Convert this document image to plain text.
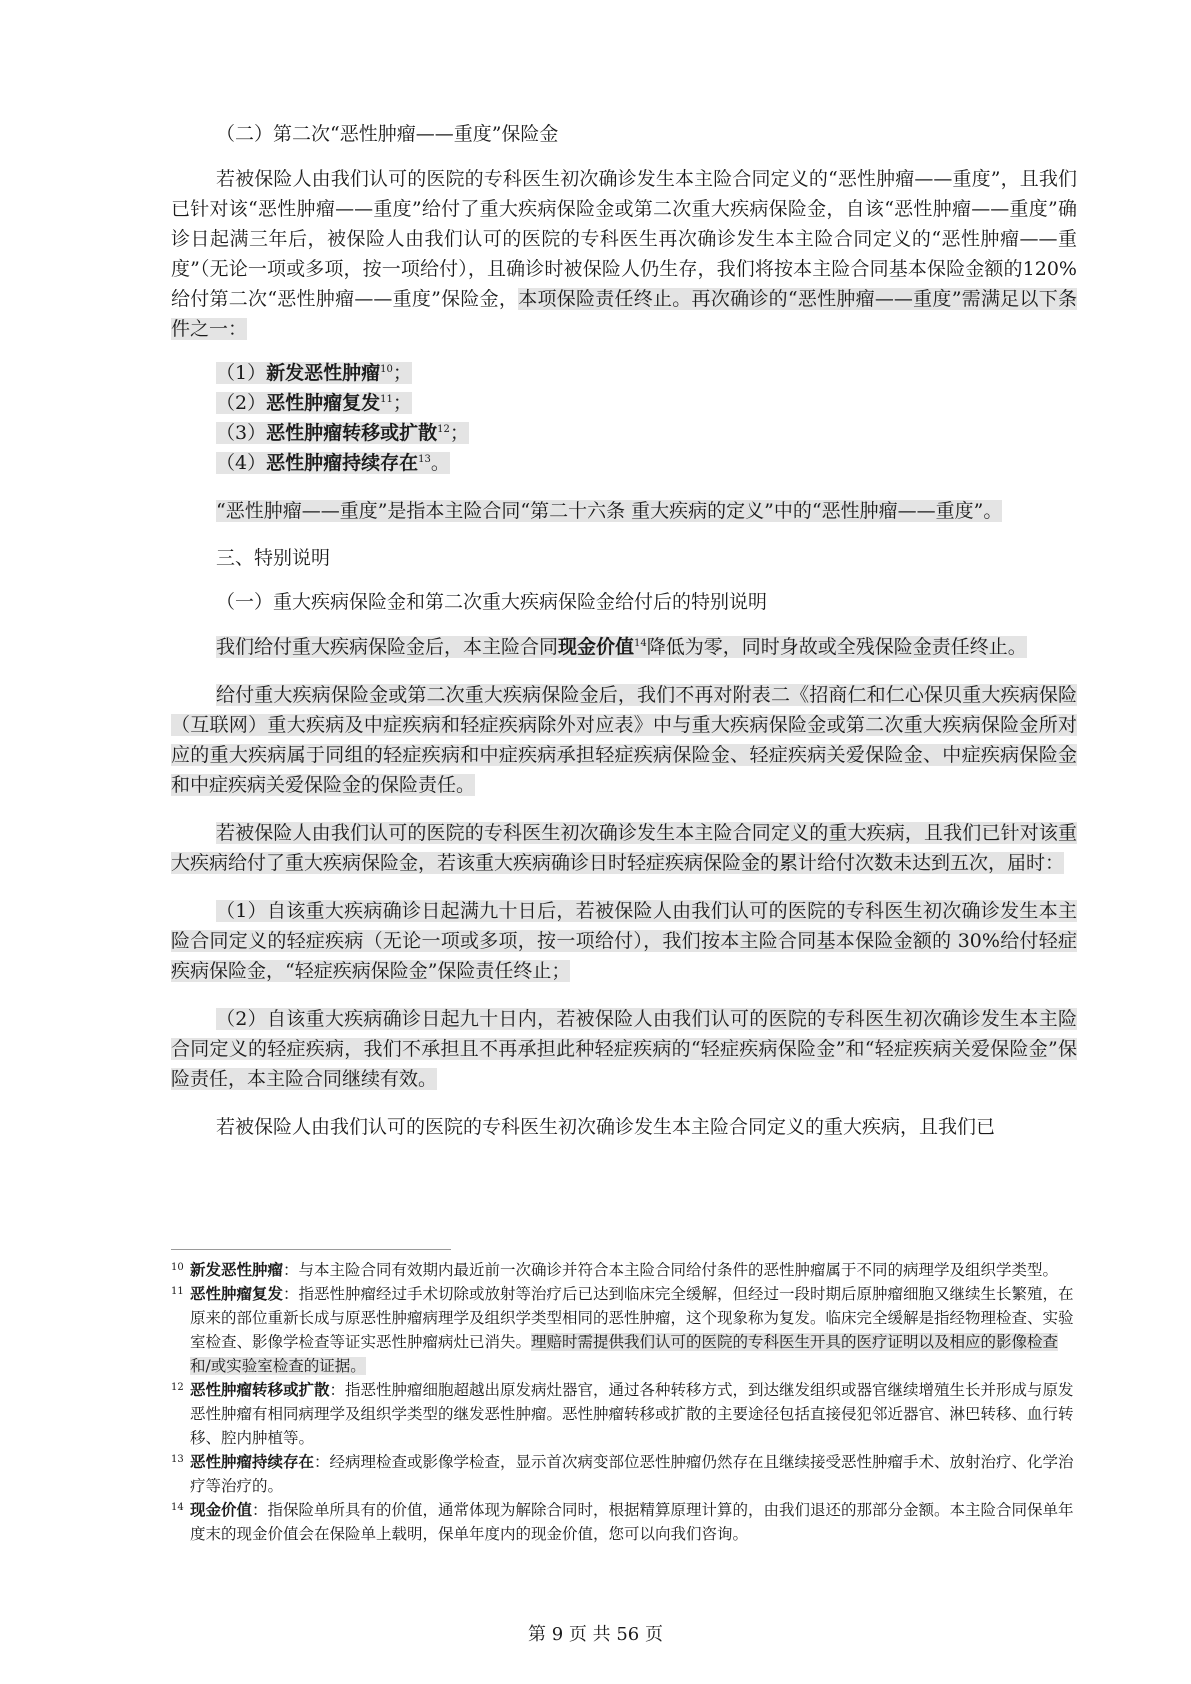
（二）第二次“恶性肿瘤——重度”保险金

若被保险人由我们认可的医院的专科医生初次确诊发生本主险合同定义的“恶性肿瘤——重度”，且我们已针对该“恶性肿瘤——重度”给付了重大疾病保险金或第二次重大疾病保险金，自该“恶性肿瘤——重度”确诊日起满三年后，被保险人由我们认可的医院的专科医生再次确诊发生本主险合同定义的“恶性肿瘤——重度”（无论一项或多项，按一项给付），且确诊时被保险人仍生存，我们将按本主险合同基本保险金额的120%给付第二次“恶性肿瘤——重度”保险金，本项保险责任终止。再次确诊的“恶性肿瘤——重度”需满足以下条件之一：

（1）新发恶性肿瘤$^{10}$；
（2）恶性肿瘤复发$^{11}$；
（3）恶性肿瘤转移或扩散$^{12}$；
（4）恶性肿瘤持续存在$^{13}$。

“恶性肿瘤——重度”是指本主险合同“第二十六条 重大疾病的定义”中的“恶性肿瘤——重度”。

三、特别说明
（一）重大疾病保险金和第二次重大疾病保险金给付后的特别说明

我们给付重大疾病保险金后，本主险合同现金价值$^{14}$降低为零，同时身故或全残保险金责任终止。

给付重大疾病保险金或第二次重大疾病保险金后，我们不再对附表二《招商仁和仁心保贝重大疾病保险（互联网）重大疾病及中症疾病和轻症疾病除外对应表》中与重大疾病保险金或第二次重大疾病保险金所对应的重大疾病属于同组的轻症疾病和中症疾病承担轻症疾病保险金、轻症疾病关爱保险金、中症疾病保险金和中症疾病关爱保险金的保险责任。

若被保险人由我们认可的医院的专科医生初次确诊发生本主险合同定义的重大疾病，且我们已针对该重大疾病给付了重大疾病保险金，若该重大疾病确诊日时轻症疾病保险金的累计给付次数未达到五次，届时：

（1）自该重大疾病确诊日起满九十日后，若被保险人由我们认可的医院的专科医生初次确诊发生本主险合同定义的轻症疾病（无论一项或多项，按一项给付），我们按本主险合同基本保险金额的 30%给付轻症疾病保险金，“轻症疾病保险金”保险责任终止；

（2）自该重大疾病确诊日起九十日内，若被保险人由我们认可的医院的专科医生初次确诊发生本主险合同定义的轻症疾病，我们不承担且不再承担此种轻症疾病的“轻症疾病保险金”和“轻症疾病关爱保险金”保险责任，本主险合同继续有效。

若被保险人由我们认可的医院的专科医生初次确诊发生本主险合同定义的重大疾病，且我们已

10 新发恶性肿瘤：与本主险合同有效期内最近前一次确诊并符合本主险合同给付条件的恶性肿瘤属于不同的病理学及组织学类型。
11 恶性肿瘤复发：指恶性肿瘤经过手术切除或放射等治疗后已达到临床完全缓解，但经过一段时期后原肿瘤细胞又继续生长繁殖，在原来的部位重新长成与原恶性肿瘤病理学及组织学类型相同的恶性肿瘤，这个现象称为复发。临床完全缓解是指经物理检查、实验室检查、影像学检查等证实恶性肿瘤病灶已消失。理赔时需提供我们认可的医院的专科医生开具的医疗证明以及相应的影像检查和/或实验室检查的证据。
12 恶性肿瘤转移或扩散：指恶性肿瘤细胞超越出原发病灶器官，通过各种转移方式，到达继发组织或器官继续增殖生长并形成与原发恶性肿瘤有相同病理学及组织学类型的继发恶性肿瘤。恶性肿瘤转移或扩散的主要途径包括直接侵犯邻近器官、淋巴转移、血行转移、腔内肿植等。
13 恶性肿瘤持续存在：经病理检查或影像学检查，显示首次病变部位恶性肿瘤仍然存在且继续接受恶性肿瘤手术、放射治疗、化学治疗等治疗的。
14 现金价值：指保险单所具有的价值，通常体现为解除合同时，根据精算原理计算的，由我们退还的那部分金额。本主险合同保单年度末的现金价值会在保险单上载明，保单年度内的现金价值，您可以向我们咨询。
第 9 页 共 56 页
